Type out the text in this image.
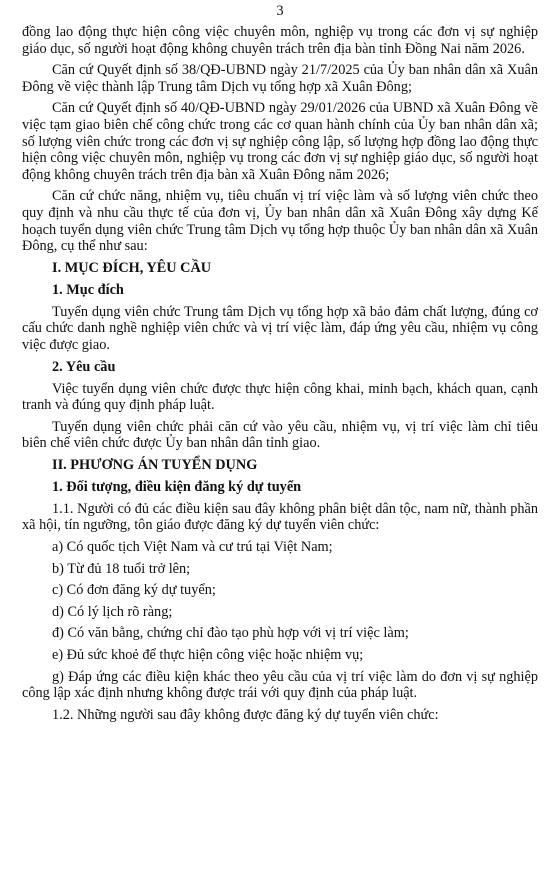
3

đồng lao động thực hiện công việc chuyên môn, nghiệp vụ trong các đơn vị sự nghiệp giáo dục, số người hoạt động không chuyên trách trên địa bàn tỉnh Đồng Nai năm 2026.

Căn cứ Quyết định số 38/QĐ-UBND ngày 21/7/2025 của Ủy ban nhân dân xã Xuân Đông về việc thành lập Trung tâm Dịch vụ tổng hợp xã Xuân Đông;

Căn cứ Quyết định số 40/QĐ-UBND ngày 29/01/2026 của UBND xã Xuân Đông về việc tạm giao biên chế công chức trong các cơ quan hành chính của Ủy ban nhân dân xã; số lượng viên chức trong các đơn vị sự nghiệp công lập, số lượng hợp đồng lao động thực hiện công việc chuyên môn, nghiệp vụ trong các đơn vị sự nghiệp giáo dục, số người hoạt động không chuyên trách trên địa bàn xã Xuân Đông năm 2026;

Căn cứ chức năng, nhiệm vụ, tiêu chuẩn vị trí việc làm và số lượng viên chức theo quy định và nhu cầu thực tế của đơn vị, Ủy ban nhân dân xã Xuân Đông xây dựng Kế hoạch tuyển dụng viên chức Trung tâm Dịch vụ tổng hợp thuộc Ủy ban nhân dân xã Xuân Đông, cụ thể như sau:

I. MỤC ĐÍCH, YÊU CẦU
1. Mục đích

Tuyển dụng viên chức Trung tâm Dịch vụ tổng hợp xã bảo đảm chất lượng, đúng cơ cấu chức danh nghề nghiệp viên chức và vị trí việc làm, đáp ứng yêu cầu, nhiệm vụ công việc được giao.

2. Yêu cầu

Việc tuyển dụng viên chức được thực hiện công khai, minh bạch, khách quan, cạnh tranh và đúng quy định pháp luật.

Tuyển dụng viên chức phải căn cứ vào yêu cầu, nhiệm vụ, vị trí việc làm chỉ tiêu biên chế viên chức được Ủy ban nhân dân tỉnh giao.

II. PHƯƠNG ÁN TUYỂN DỤNG
1. Đối tượng, điều kiện đăng ký dự tuyển

1.1. Người có đủ các điều kiện sau đây không phân biệt dân tộc, nam nữ, thành phần xã hội, tín ngưỡng, tôn giáo được đăng ký dự tuyển viên chức:

a) Có quốc tịch Việt Nam và cư trú tại Việt Nam;

b) Từ đủ 18 tuổi trở lên;

c) Có đơn đăng ký dự tuyển;

d) Có lý lịch rõ ràng;

đ) Có văn bằng, chứng chỉ đào tạo phù hợp với vị trí việc làm;

e) Đủ sức khoẻ để thực hiện công việc hoặc nhiệm vụ;

g) Đáp ứng các điều kiện khác theo yêu cầu của vị trí việc làm do đơn vị sự nghiệp công lập xác định nhưng không được trái với quy định của pháp luật.

1.2. Những người sau đây không được đăng ký dự tuyển viên chức:
